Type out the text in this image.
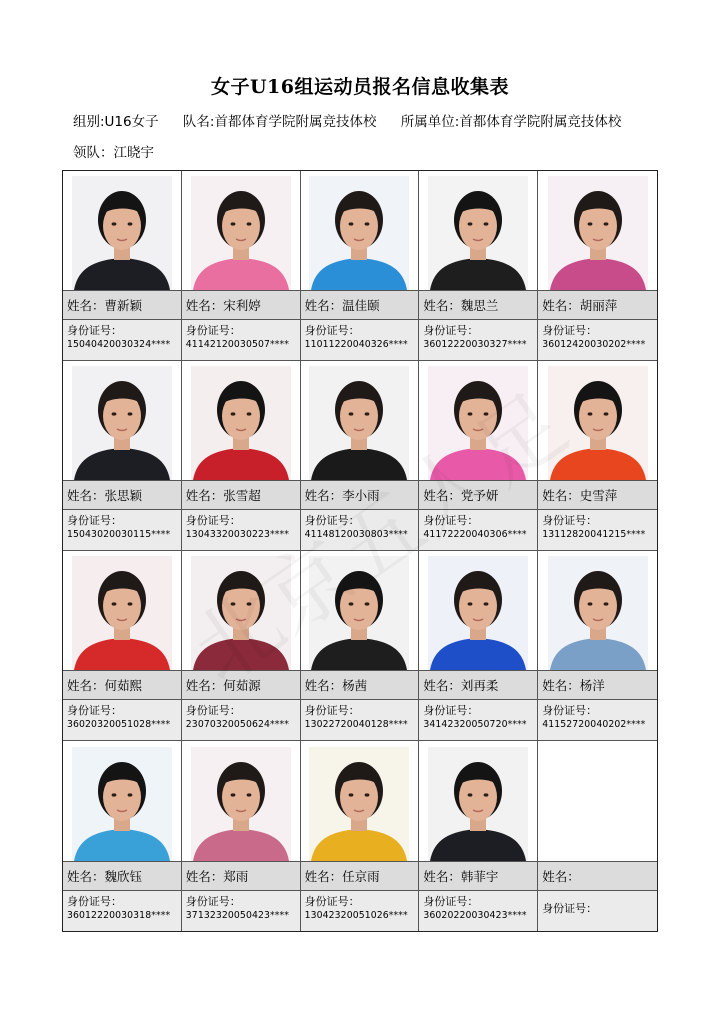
女子U16组运动员报名信息收集表
组别:U16女子 队名:首都体育学院附属竞技体校 所属单位:首都体育学院附属竞技体校
领队：江晓宇
姓名：曹新颖
身份证号：
15040420030324****
姓名：宋利婷
身份证号：
41142120030507****
姓名：温佳颐
身份证号：
11011220040326****
姓名：魏思兰
身份证号：
36012220030327****
姓名：胡丽萍
身份证号：
36012420030202****
姓名：张思颖
身份证号：
15043020030115****
姓名：张雪超
身份证号：
13043320030223****
姓名：李小雨
身份证号：
41148120030803****
姓名：党予妍
身份证号：
41172220040306****
姓名：史雪萍
身份证号：
13112820041215****
姓名：何茹熙
身份证号：
36020320051028****
姓名：何茹源
身份证号：
23070320050624****
姓名：杨茜
身份证号：
13022720040128****
姓名：刘再柔
身份证号：
34142320050720****
姓名：杨洋
身份证号：
41152720040202****
姓名：魏欣钰
身份证号：
36012220030318****
姓名：郑雨
身份证号：
37132320050423****
姓名：任京雨
身份证号：
13042320051026****
姓名：韩菲宇
身份证号：
36020220030423****
姓名：
身份证号：
